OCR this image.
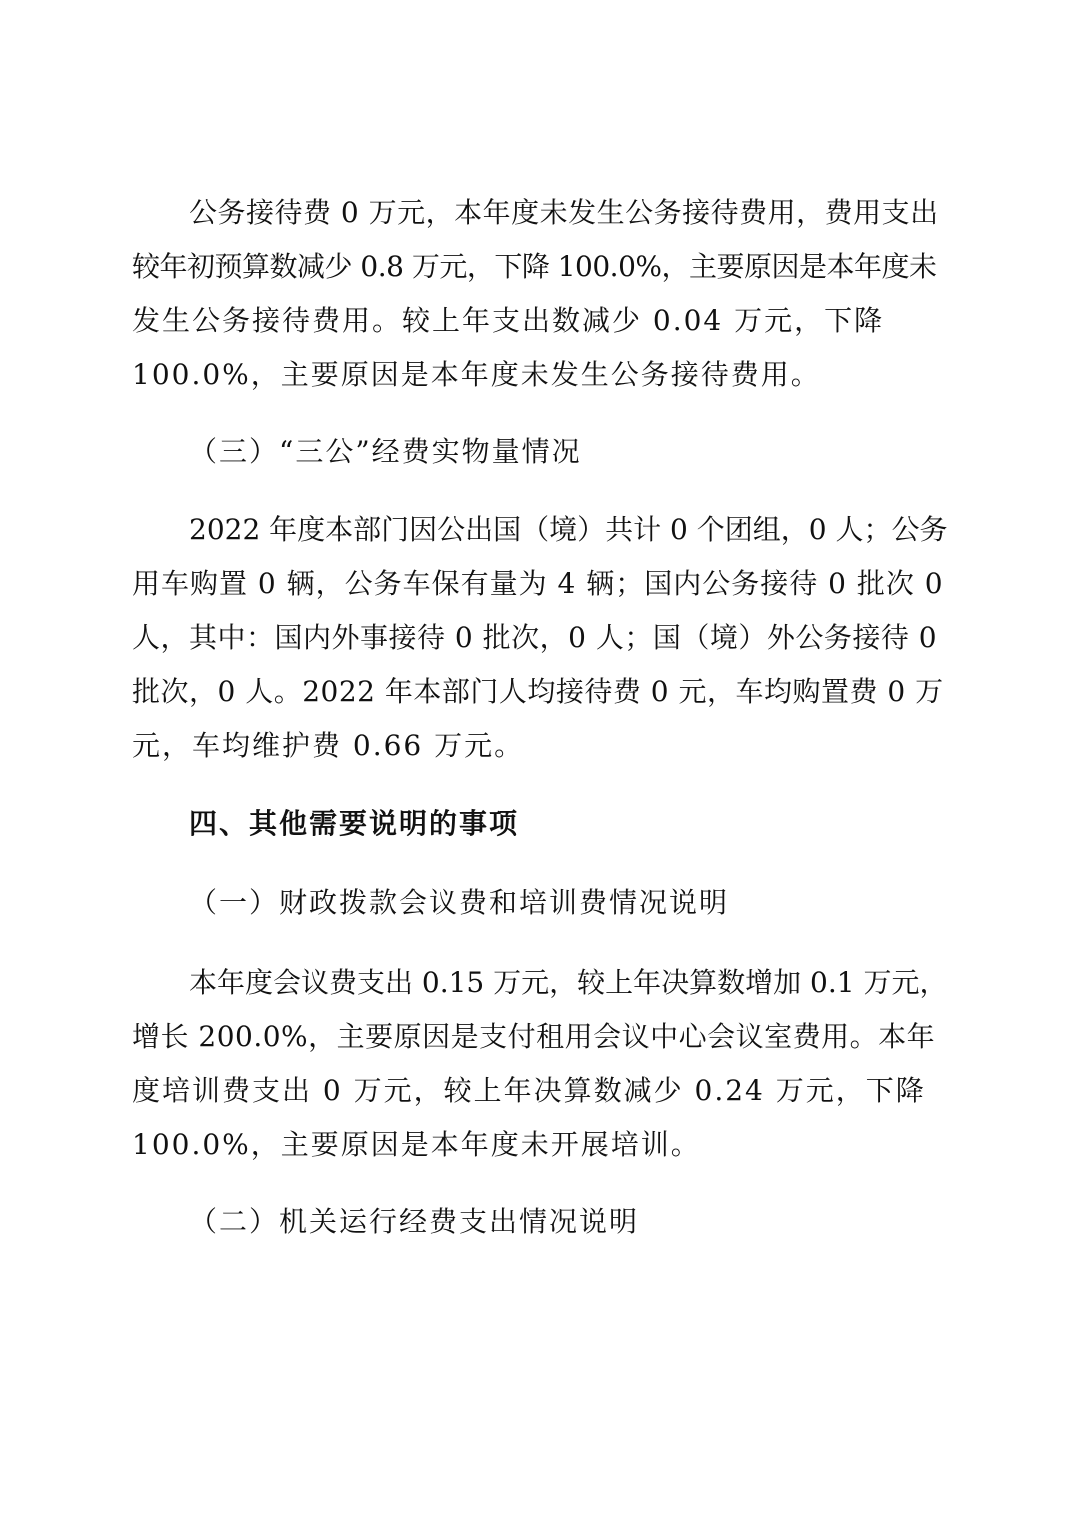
公务接待费 0 万元，本年度未发生公务接待费用，费用支出
较年初预算数减少 0.8 万元，下降 100.0%，主要原因是本年度未
发生公务接待费用。较上年支出数减少 0.04 万元，下降
100.0%，主要原因是本年度未发生公务接待费用。
（三）“三公”经费实物量情况
2022 年度本部门因公出国（境）共计 0 个团组，0 人；公务
用车购置 0 辆，公务车保有量为 4 辆；国内公务接待 0 批次 0
人，其中：国内外事接待 0 批次，0 人；国（境）外公务接待 0
批次，0 人。2022 年本部门人均接待费 0 元，车均购置费 0 万
元，车均维护费 0.66 万元。
四、其他需要说明的事项
（一）财政拨款会议费和培训费情况说明
本年度会议费支出 0.15 万元，较上年决算数增加 0.1 万元，
增长 200.0%，主要原因是支付租用会议中心会议室费用。本年
度培训费支出 0 万元，较上年决算数减少 0.24 万元，下降
100.0%，主要原因是本年度未开展培训。
（二）机关运行经费支出情况说明
